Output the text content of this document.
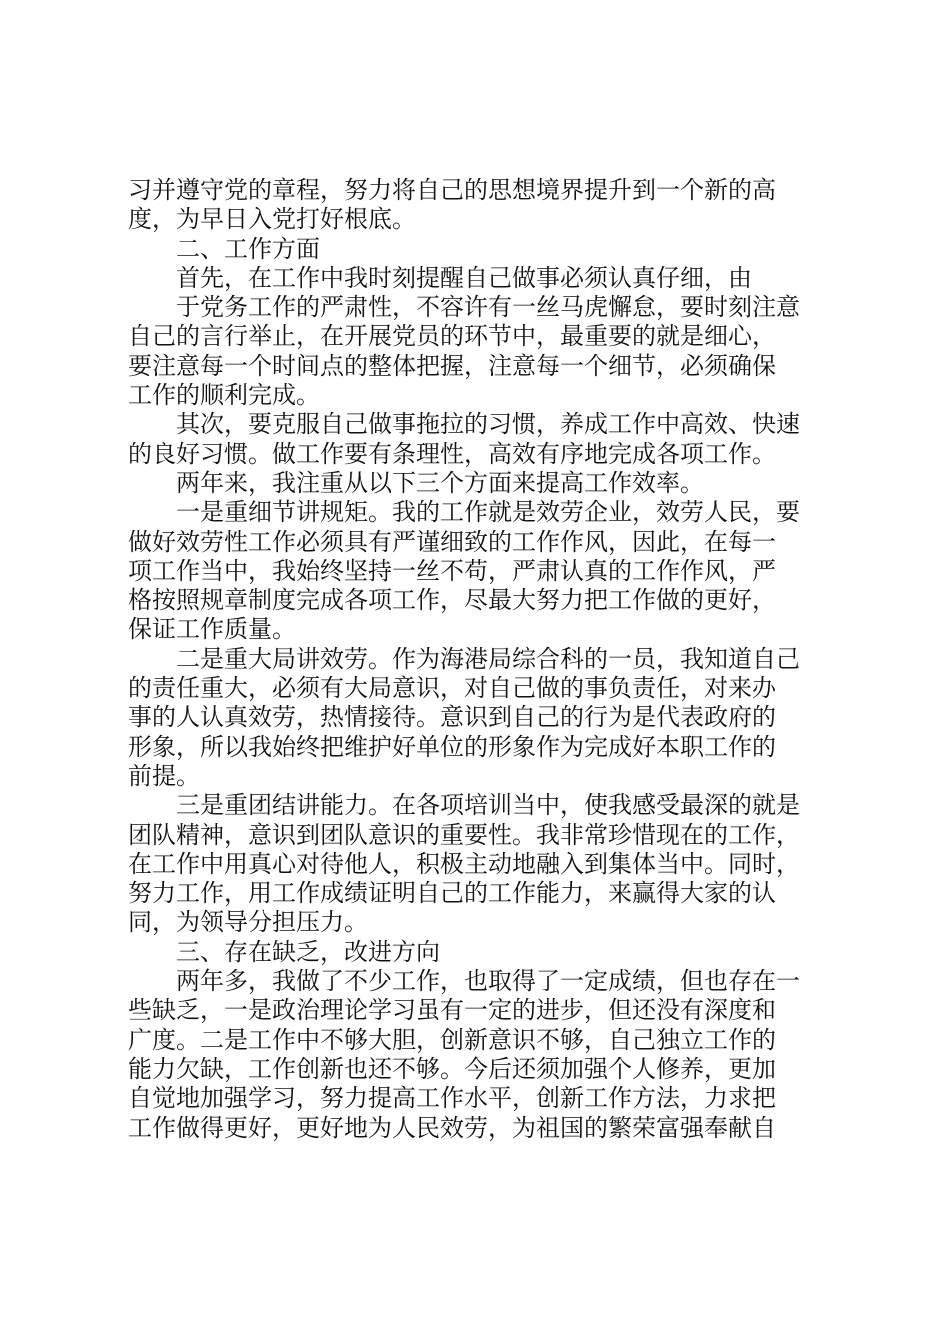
习并遵守党的章程，努力将自己的思想境界提升到一个新的高
度，为早日入党打好根底。
二、工作方面
首先，在工作中我时刻提醒自己做事必须认真仔细，由
于党务工作的严肃性，不容许有一丝马虎懈怠，要时刻注意
自己的言行举止，在开展党员的环节中，最重要的就是细心，
要注意每一个时间点的整体把握，注意每一个细节，必须确保
工作的顺利完成。
其次，要克服自己做事拖拉的习惯，养成工作中高效、快速
的良好习惯。做工作要有条理性，高效有序地完成各项工作。
两年来，我注重从以下三个方面来提高工作效率。
一是重细节讲规矩。我的工作就是效劳企业，效劳人民，要
做好效劳性工作必须具有严谨细致的工作作风，因此，在每一
项工作当中，我始终坚持一丝不苟，严肃认真的工作作风，严
格按照规章制度完成各项工作，尽最大努力把工作做的更好，
保证工作质量。
二是重大局讲效劳。作为海港局综合科的一员，我知道自己
的责任重大，必须有大局意识，对自己做的事负责任，对来办
事的人认真效劳，热情接待。意识到自己的行为是代表政府的
形象，所以我始终把维护好单位的形象作为完成好本职工作的
前提。
三是重团结讲能力。在各项培训当中，使我感受最深的就是
团队精神，意识到团队意识的重要性。我非常珍惜现在的工作，
在工作中用真心对待他人，积极主动地融入到集体当中。同时，
努力工作，用工作成绩证明自己的工作能力，来赢得大家的认
同，为领导分担压力。
三、存在缺乏，改进方向
两年多，我做了不少工作，也取得了一定成绩，但也存在一
些缺乏，一是政治理论学习虽有一定的进步，但还没有深度和
广度。二是工作中不够大胆，创新意识不够，自己独立工作的
能力欠缺，工作创新也还不够。今后还须加强个人修养，更加
自觉地加强学习，努力提高工作水平，创新工作方法，力求把
工作做得更好，更好地为人民效劳，为祖国的繁荣富强奉献自
